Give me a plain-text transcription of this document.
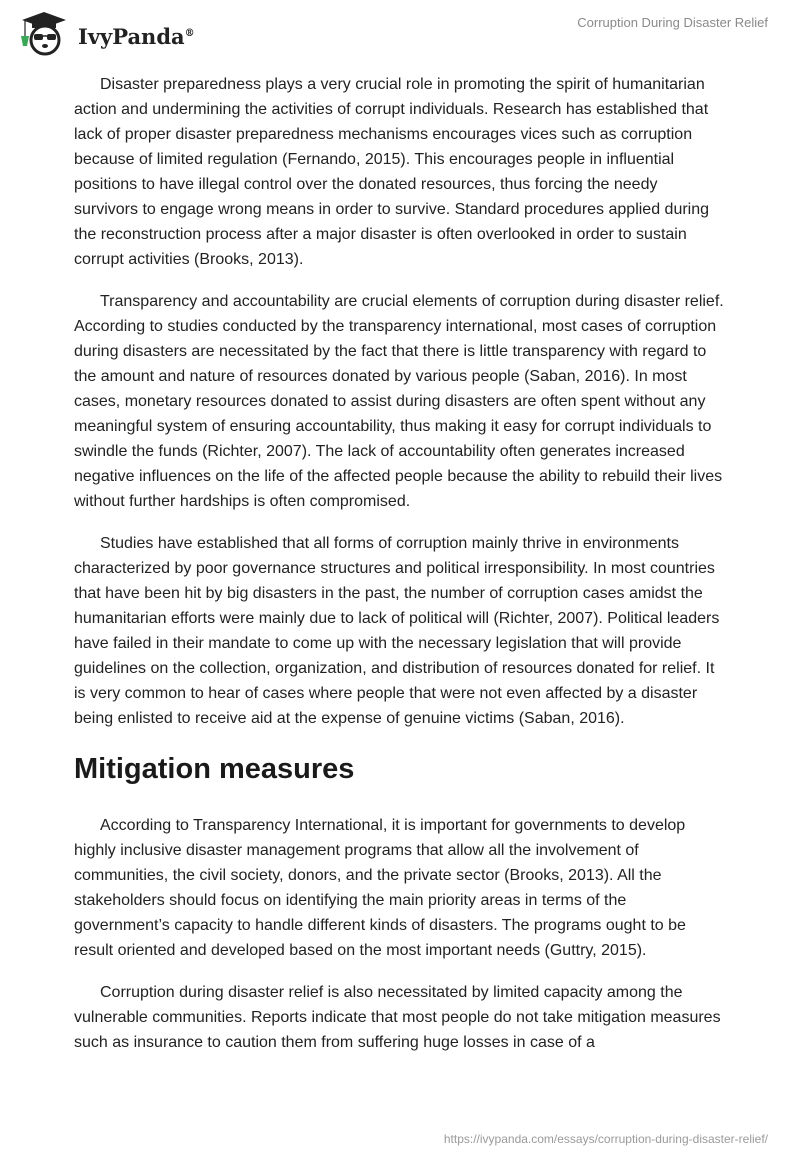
IvyPanda®
Corruption During Disaster Relief

Disaster preparedness plays a very crucial role in promoting the spirit of humanitarian action and undermining the activities of corrupt individuals. Research has established that lack of proper disaster preparedness mechanisms encourages vices such as corruption because of limited regulation (Fernando, 2015). This encourages people in influential positions to have illegal control over the donated resources, thus forcing the needy survivors to engage wrong means in order to survive. Standard procedures applied during the reconstruction process after a major disaster is often overlooked in order to sustain corrupt activities (Brooks, 2013).

Transparency and accountability are crucial elements of corruption during disaster relief. According to studies conducted by the transparency international, most cases of corruption during disasters are necessitated by the fact that there is little transparency with regard to the amount and nature of resources donated by various people (Saban, 2016). In most cases, monetary resources donated to assist during disasters are often spent without any meaningful system of ensuring accountability, thus making it easy for corrupt individuals to swindle the funds (Richter, 2007). The lack of accountability often generates increased negative influences on the life of the affected people because the ability to rebuild their lives without further hardships is often compromised.

Studies have established that all forms of corruption mainly thrive in environments characterized by poor governance structures and political irresponsibility. In most countries that have been hit by big disasters in the past, the number of corruption cases amidst the humanitarian efforts were mainly due to lack of political will (Richter, 2007). Political leaders have failed in their mandate to come up with the necessary legislation that will provide guidelines on the collection, organization, and distribution of resources donated for relief. It is very common to hear of cases where people that were not even affected by a disaster being enlisted to receive aid at the expense of genuine victims (Saban, 2016).

Mitigation measures

According to Transparency International, it is important for governments to develop highly inclusive disaster management programs that allow all the involvement of communities, the civil society, donors, and the private sector (Brooks, 2013). All the stakeholders should focus on identifying the main priority areas in terms of the government’s capacity to handle different kinds of disasters. The programs ought to be result oriented and developed based on the most important needs (Guttry, 2015).

Corruption during disaster relief is also necessitated by limited capacity among the vulnerable communities. Reports indicate that most people do not take mitigation measures such as insurance to caution them from suffering huge losses in case of a

https://ivypanda.com/essays/corruption-during-disaster-relief/
